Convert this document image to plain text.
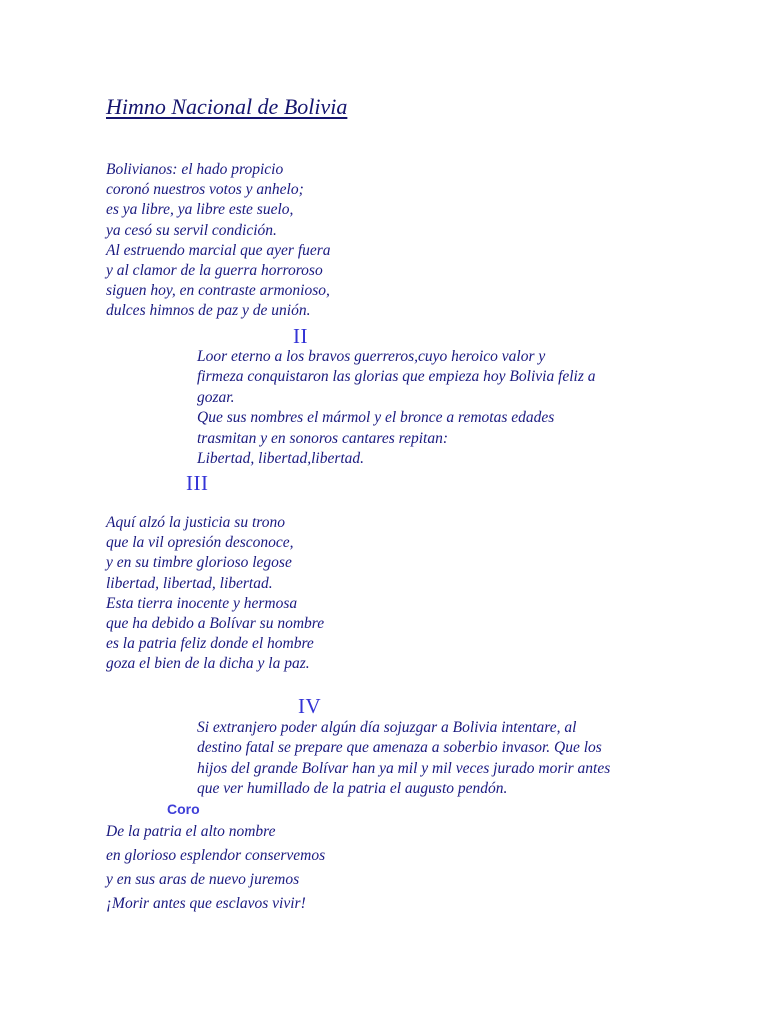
Himno Nacional de Bolivia
Bolivianos: el hado propicio
coronó nuestros votos y anhelo;
es ya libre, ya libre este suelo,
ya cesó su servil condición.
Al estruendo marcial que ayer fuera
y al clamor de la guerra horroroso
siguen hoy, en contraste armonioso,
dulces himnos de paz y de unión.
II
Loor eterno a los bravos guerreros,cuyo heroico valor y
firmeza conquistaron las glorias que empieza hoy Bolivia feliz a
gozar.
Que sus nombres el mármol y el bronce a remotas edades
trasmitan y en sonoros cantares repitan:
Libertad, libertad,libertad.
III
Aquí alzó la justicia su trono
que la vil opresión desconoce,
y en su timbre glorioso legose
libertad, libertad, libertad.
Esta tierra inocente y hermosa
que ha debido a Bolívar su nombre
es la patria feliz donde el hombre
goza el bien de la dicha y la paz.
IV
Si extranjero poder algún día sojuzgar a Bolivia intentare, al
destino fatal se prepare que amenaza a soberbio invasor. Que los
hijos del grande Bolívar han ya mil y mil veces jurado morir antes
que ver humillado de la patria el augusto pendón.
Coro
De la patria el alto nombre
en glorioso esplendor conservemos
y en sus aras de nuevo juremos
¡Morir antes que esclavos vivir!
